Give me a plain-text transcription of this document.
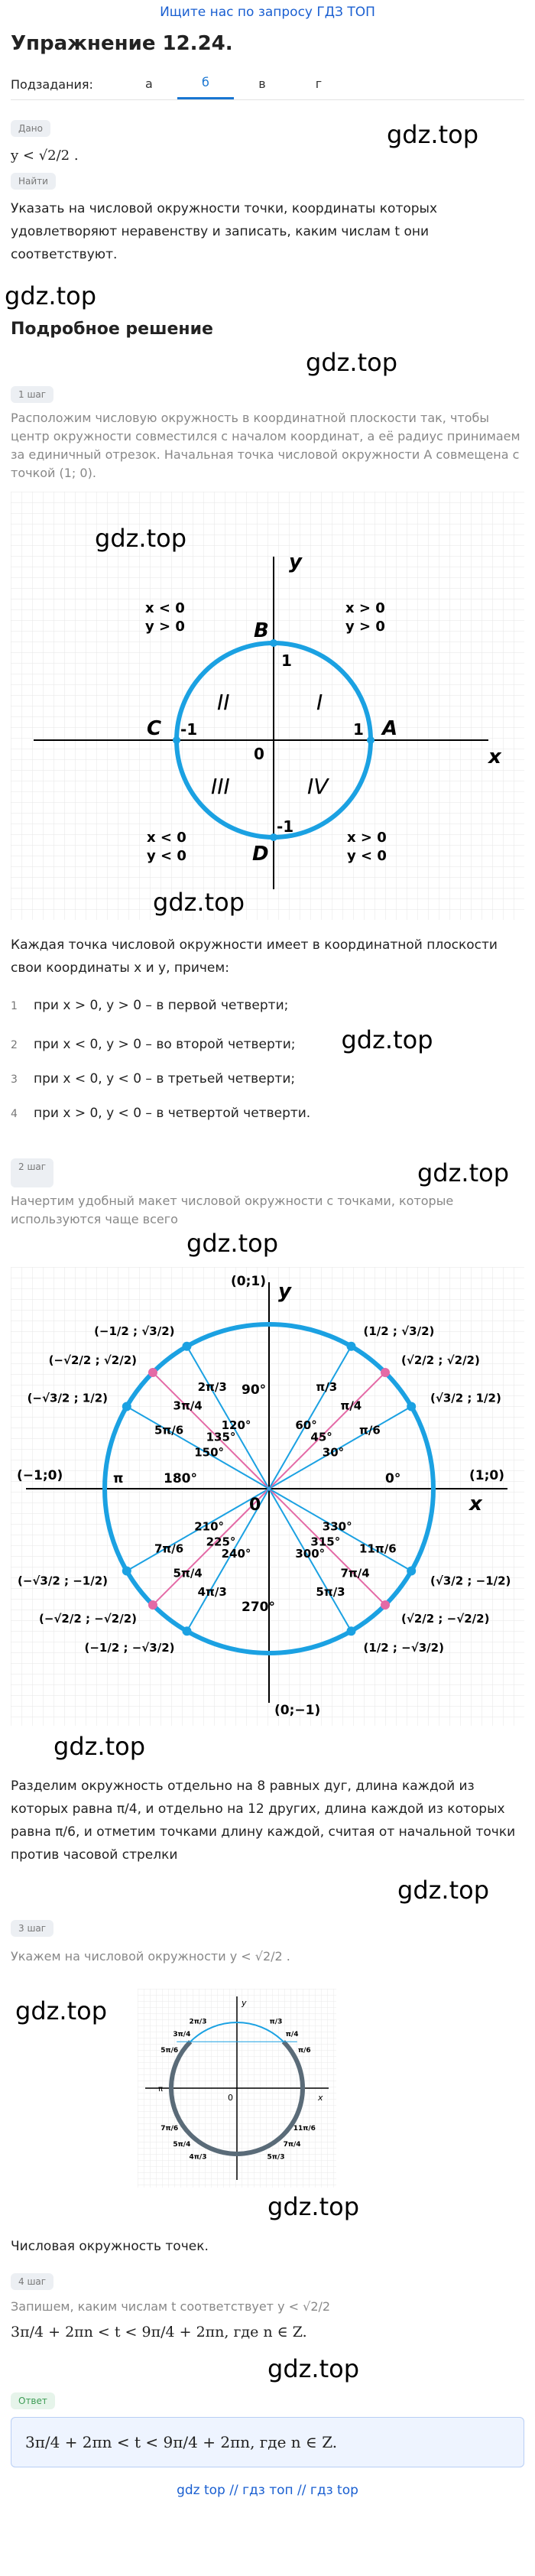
Ищите нас по запросу ГДЗ ТОП
Упражнение 12.24.
Подзадания:	а	б	в	г
Дано
y < √2/2 .
gdz.top
Найти
Указать на числовой окружности точки, координаты которых удовлетворяют неравенству и записать, каким числам t они соответствуют.
gdz.top
Подробное решение
gdz.top
1 шаг
Расположим числовую окружность в координатной плоскости так, чтобы центр окружности совместился с началом координат, а её радиус принимаем за единичный отрезок. Начальная точка числовой окружности A совмещена с точкой (1; 0).
gdz.top
x
y
A
B
C
D
0
1
-1
1
-1
I
II
III	IV
x > 0
y > 0
x < 0
y > 0
x < 0
y < 0
x > 0
y < 0
gdz.top
Каждая точка числовой окружности имеет в координатной плоскости свои координаты x и y, причем:
1 при x > 0, y > 0 – в первой четверти;
2 при x < 0, y > 0 – во второй четверти; gdz.top
3 при x < 0, y < 0 – в третьей четверти;
4 при x > 0, y < 0 – в четвертой четверти.
2 шаг	gdz.top
Начертим удобный макет числовой окружности с точками, которые используются чаще всего
gdz.top
x
y
π/6
30°
(√3/2 ; 1/2)
π/4
45°
(√2/2 ; √2/2)
π/3
60°
(1/2 ; √3/2)
2π/3
120°
(−1/2 ; √3/2)
3π/4
135°
(−√2/2 ; √2/2)
5π/6
150°
(−√3/2 ; 1/2)
7π/6
210°
(−√3/2 ; −1/2)
5π/4
225°
(−√2/2 ; −√2/2)
4π/3
240°
(−1/2 ; −√3/2)
5π/3
300°
(1/2 ; −√3/2)
7π/4
315°
(√2/2 ; −√2/2)
11π/6
330°
(√3/2 ; −1/2)
(0;1)
(−1;0)	(1;0)
(0;−1)
0
π	0°
180°
90°
270°
gdz.top
Разделим окружность отдельно на 8 равных дуг, длина каждой из которых равна π/4, и отдельно на 12 других, длина каждой из которых равна π/6, и отметим точками длину каждой, считая от начальной точки против часовой стрелки
gdz.top
3 шаг
Укажем на числовой окружности y < √2/2 .
gdz.top
x
y
0
π/6
π/4
π/3
2π/3
3π/4
5π/6
7π/6
5π/4
4π/3	5π/3
7π/4
11π/6
π
gdz.top
Числовая окружность точек.
4 шаг
Запишем, каким числам t соответствует y < √2/2
3π/4 + 2πn < t < 9π/4 + 2πn, где n ∈ Z.
gdz.top
Ответ
3π/4 + 2πn < t < 9π/4 + 2πn, где n ∈ Z.
gdz top // гдз топ // гдз top
